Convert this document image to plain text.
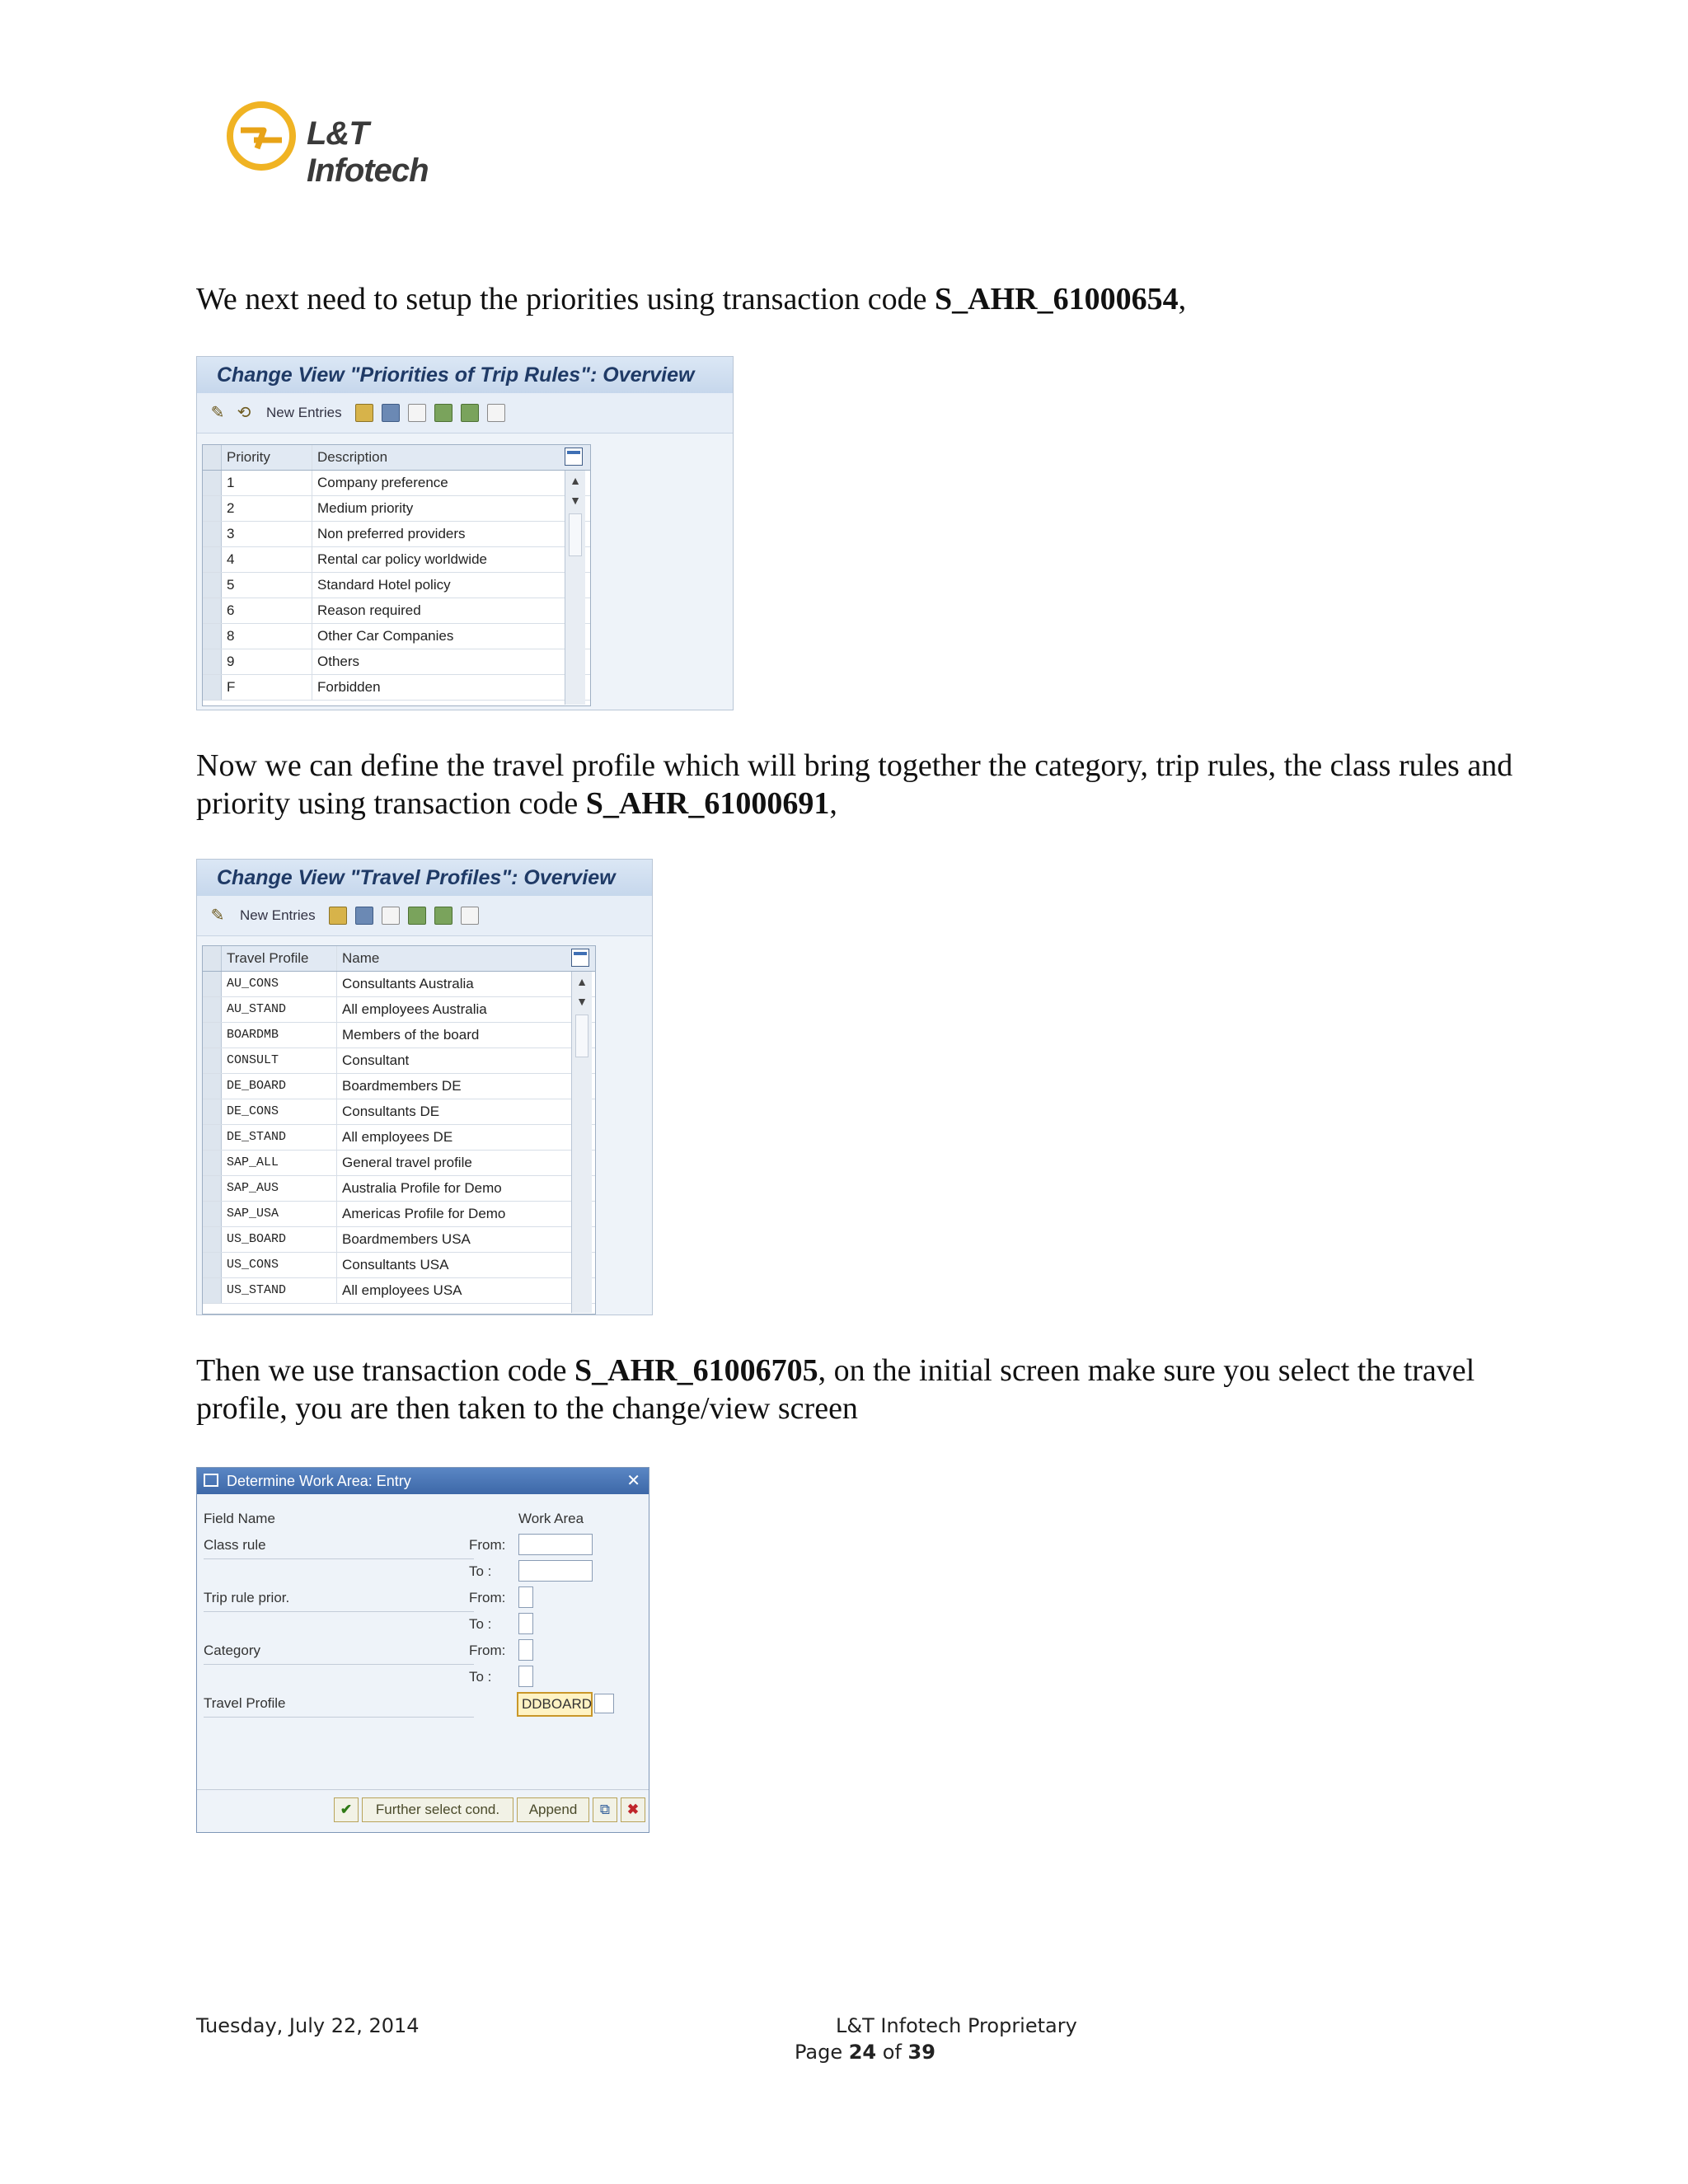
L&T Infotech
We next need to setup the priorities using transaction code S_AHR_61000654,
Change View "Priorities of Trip Rules": Overview
✎ ⟲	New Entries
Priority	Description
1	Company preference
2	Medium priority
3	Non preferred providers
4	Rental car policy worldwide
5	Standard Hotel policy
6	Reason required
8	Other Car Companies
9	Others
F	Forbidden
▲
▼
Now we can define the travel profile which will bring together the category, trip rules, the class rules and priority using transaction code S_AHR_61000691,
Change View "Travel Profiles": Overview
✎	New Entries
Travel Profile	Name
AU_CONS	Consultants Australia
AU_STAND	All employees Australia
BOARDMB	Members of the board
CONSULT	Consultant
DE_BOARD	Boardmembers DE
DE_CONS	Consultants DE
DE_STAND	All employees DE
SAP_ALL	General travel profile
SAP_AUS	Australia Profile for Demo
SAP_USA	Americas Profile for Demo
US_BOARD	Boardmembers USA
US_CONS	Consultants USA
US_STAND	All employees USA
▲
▼
Then we use transaction code S_AHR_61006705, on the initial screen make sure you select the travel profile, you are then taken to the change/view screen
Determine Work Area: Entry	✕
Field Name	Work Area
Class rule	From:
To :
Trip rule prior.	From:
To :
Category	From:
To :
Travel Profile	DDBOARD
✔	Further select cond.	Append	⧉	✖
Tuesday, July 22, 2014	L&T Infotech Proprietary
Page 24 of 39
